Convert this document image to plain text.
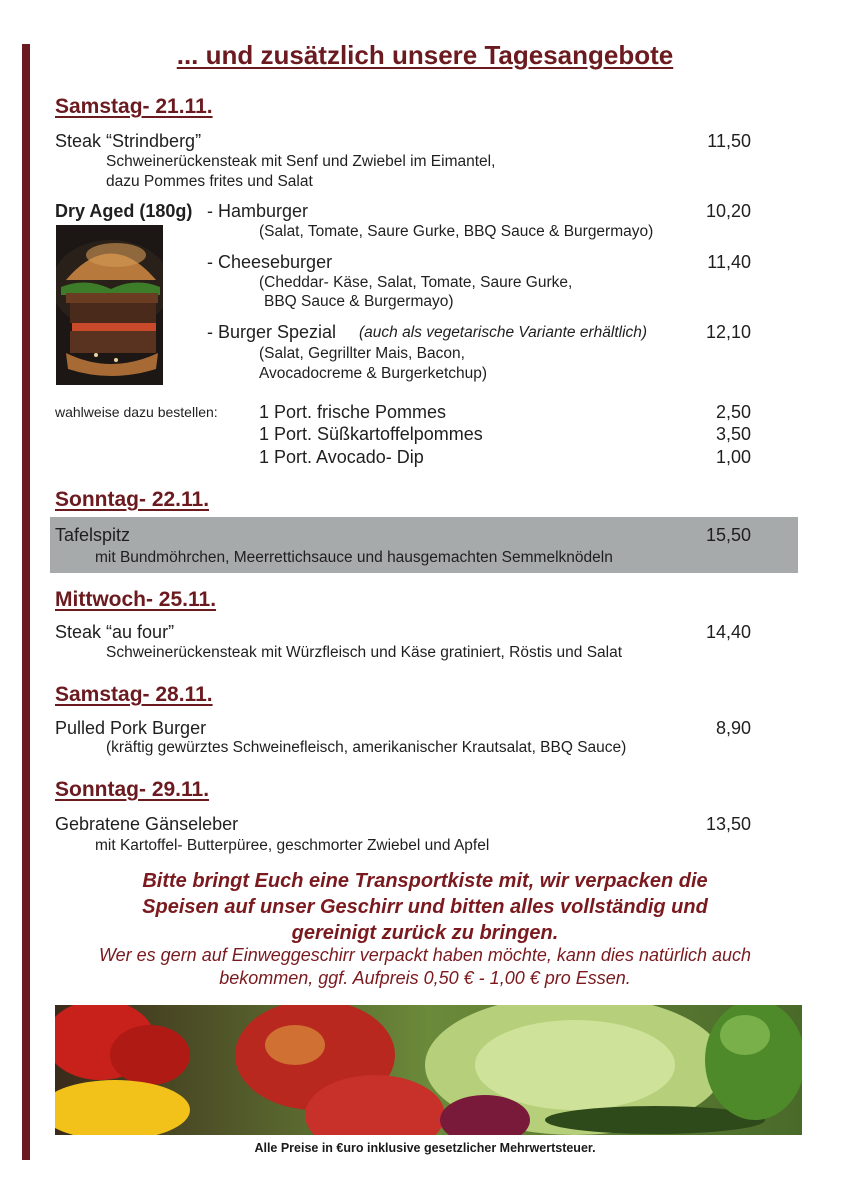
... und zusätzlich unsere Tagesangebote
Samstag- 21.11.
Steak “Strindberg”	11,50
Schweinerückensteak mit Senf und Zwiebel im Eimantel,
dazu Pommes frites und Salat
Dry Aged (180g) - Hamburger	10,20
(Salat, Tomate, Saure Gurke, BBQ Sauce & Burgermayo)
- Cheeseburger	11,40
(Cheddar- Käse, Salat, Tomate, Saure Gurke,
BBQ Sauce & Burgermayo)
- Burger Spezial (auch als vegetarische Variante erhältlich)	12,10
(Salat, Gegrillter Mais, Bacon,
Avocadocreme & Burgerketchup)
wahlweise dazu bestellen: 1 Port. frische Pommes	2,50
1 Port. Süßkartoffelpommes	3,50
1 Port. Avocado- Dip	1,00
Sonntag- 22.11.
Tafelspitz	15,50
mit Bundmöhrchen, Meerrettichsauce und hausgemachten Semmelknödeln
Mittwoch- 25.11.
Steak “au four”	14,40
Schweinerückensteak mit Würzfleisch und Käse gratiniert, Röstis und Salat
Samstag- 28.11.
Pulled Pork Burger	8,90
(kräftig gewürztes Schweinefleisch, amerikanischer Krautsalat, BBQ Sauce)
Sonntag- 29.11.
Gebratene Gänseleber	13,50
mit Kartoffel- Butterpüree, geschmorter Zwiebel und Apfel
Bitte bringt Euch eine Transportkiste mit, wir verpacken die
Speisen auf unser Geschirr und bitten alles vollständig und
gereinigt zurück zu bringen.
Wer es gern auf Einweggeschirr verpackt haben möchte, kann dies natürlich auch
bekommen, ggf. Aufpreis 0,50 € - 1,00 € pro Essen.
Alle Preise in €uro inklusive gesetzlicher Mehrwertsteuer.
